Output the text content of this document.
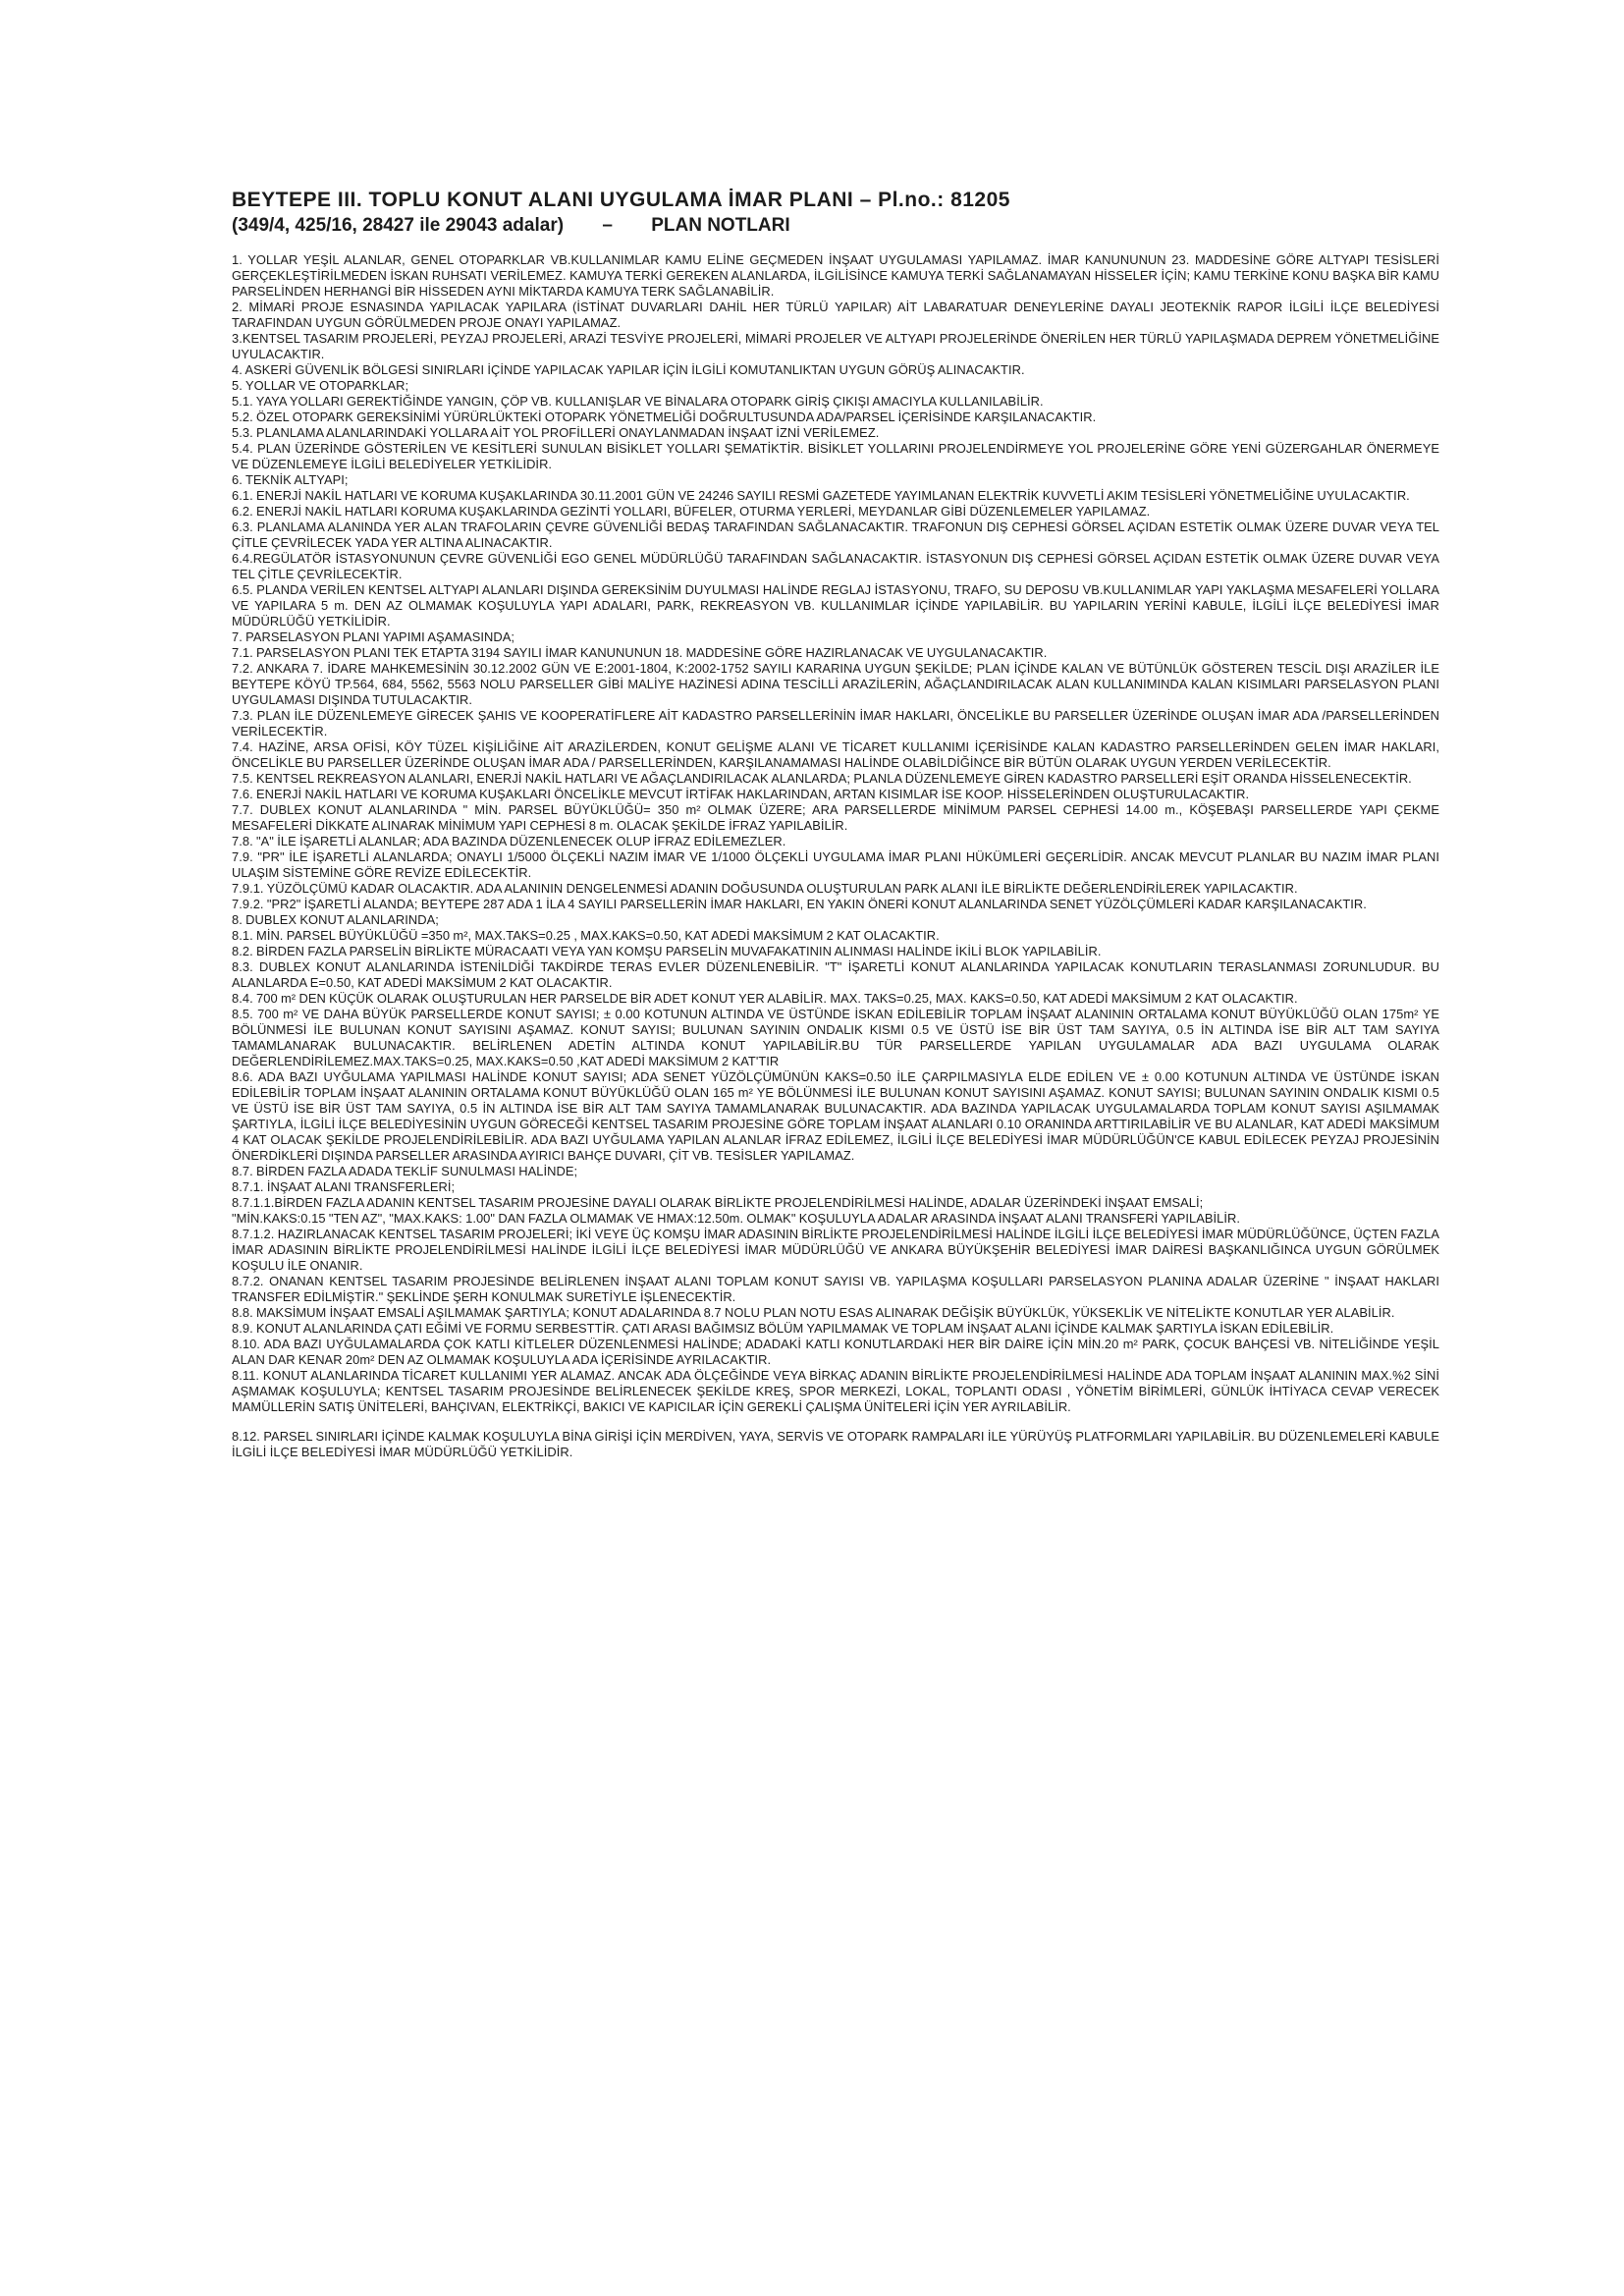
BEYTEPE III. TOPLU KONUT ALANI UYGULAMA İMAR PLANI – Pl.no.: 81205

(349/4, 425/16, 28427 ile 29043 adalar) – PLAN NOTLARI

1. YOLLAR YEŞİL ALANLAR, GENEL OTOPARKLAR VB.KULLANIMLAR KAMU ELİNE GEÇMEDEN İNŞAAT UYGULAMASI YAPILAMAZ. İMAR KANUNUNUN 23. MADDESİNE GÖRE ALTYAPI TESİSLERİ GERÇEKLEŞTİRİLMEDEN İSKAN RUHSATI VERİLEMEZ. KAMUYA TERKİ GEREKEN ALANLARDA, İLGİLİSİNCE KAMUYA TERKİ SAĞLANAMAYAN HİSSELER İÇİN; KAMU TERKİNE KONU BAŞKA BİR KAMU PARSELİNDEN HERHANGİ BİR HİSSEDEN AYNI MİKTARDA KAMUYA TERK SAĞLANABİLİR.

2. MİMARİ PROJE ESNASINDA YAPILACAK YAPILARA (İSTİNAT DUVARLARI DAHİL HER TÜRLÜ YAPILAR) AİT LABARATUAR DENEYLERİNE DAYALI JEOTEKNİK RAPOR İLGİLİ İLÇE BELEDİYESİ TARAFINDAN UYGUN GÖRÜLMEDEN PROJE ONAYI YAPILAMAZ.

3.KENTSEL TASARIM PROJELERİ, PEYZAJ PROJELERİ, ARAZİ TESVİYE PROJELERİ, MİMARİ PROJELER VE ALTYAPI PROJELERİNDE ÖNERİLEN HER TÜRLÜ YAPILAŞMADA DEPREM YÖNETMELİĞİNE UYULACAKTIR.

4. ASKERİ GÜVENLİK BÖLGESİ SINIRLARI İÇİNDE YAPILACAK YAPILAR İÇİN İLGİLİ KOMUTANLIKTAN UYGUN GÖRÜŞ ALINACAKTIR.

5. YOLLAR VE OTOPARKLAR;

5.1. YAYA YOLLARI GEREKTİĞİNDE YANGIN, ÇÖP VB. KULLANIŞLAR VE BİNALARA OTOPARK GİRİŞ ÇIKIŞI AMACIYLA KULLANILABİLİR.

5.2. ÖZEL OTOPARK GEREKSİNİMİ YÜRÜRLÜKTEKİ OTOPARK YÖNETMELİĞİ DOĞRULTUSUNDA ADA/PARSEL İÇERİSİNDE KARŞILANACAKTIR.

5.3. PLANLAMA ALANLARINDAKİ YOLLARA AİT YOL PROFİLLERİ ONAYLANMADAN İNŞAAT İZNİ VERİLEMEZ.

5.4. PLAN ÜZERİNDE GÖSTERİLEN VE KESİTLERİ SUNULAN BİSİKLET YOLLARI ŞEMATİKTİR. BİSİKLET YOLLARINI PROJELENDİRMEYE YOL PROJELERİNE GÖRE YENİ GÜZERGAHLAR ÖNERMEYE VE DÜZENLEMEYE İLGİLİ BELEDİYELER YETKİLİDİR.

6. TEKNİK ALTYAPI;

6.1. ENERJİ NAKİL HATLARI VE KORUMA KUŞAKLARINDA 30.11.2001 GÜN VE 24246 SAYILI RESMİ GAZETEDE YAYIMLANAN ELEKTRİK KUVVETLİ AKIM TESİSLERİ YÖNETMELİĞİNE UYULACAKTIR.

6.2. ENERJİ NAKİL HATLARI KORUMA KUŞAKLARINDA GEZİNTİ YOLLARI, BÜFELER, OTURMA YERLERİ, MEYDANLAR GİBİ DÜZENLEMELER YAPILAMAZ.

6.3. PLANLAMA ALANINDA YER ALAN TRAFOLARIN ÇEVRE GÜVENLİĞİ BEDAŞ TARAFINDAN SAĞLANACAKTIR. TRAFONUN DIŞ CEPHESİ GÖRSEL AÇIDAN ESTETİK OLMAK ÜZERE DUVAR VEYA TEL ÇİTLE ÇEVRİLECEK YADA YER ALTINA ALINACAKTIR.

6.4.REGÜLATÖR İSTASYONUNUN ÇEVRE GÜVENLİĞİ EGO GENEL MÜDÜRLÜĞÜ TARAFINDAN SAĞLANACAKTIR. İSTASYONUN DIŞ CEPHESİ GÖRSEL AÇIDAN ESTETİK OLMAK ÜZERE DUVAR VEYA TEL ÇİTLE ÇEVRİLECEKTİR.

6.5. PLANDA VERİLEN KENTSEL ALTYAPI ALANLARI DIŞINDA GEREKSİNİM DUYULMASI HALİNDE REGLAJ İSTASYONU, TRAFO, SU DEPOSU VB.KULLANIMLAR YAPI YAKLAŞMA MESAFELERİ YOLLARA VE YAPILARA 5 m. DEN AZ OLMAMAK KOŞULUYLA YAPI ADALARI, PARK, REKREASYON VB. KULLANIMLAR İÇİNDE YAPILABİLİR. BU YAPILARIN YERİNİ KABULE, İLGİLİ İLÇE BELEDİYESİ İMAR MÜDÜRLÜĞÜ YETKİLİDİR.

7. PARSELASYON PLANI YAPIMI AŞAMASINDA;

7.1. PARSELASYON PLANI TEK ETAPTA 3194 SAYILI İMAR KANUNUNUN 18. MADDESİNE GÖRE HAZIRLANACAK VE UYGULANACAKTIR.

7.2. ANKARA 7. İDARE MAHKEMESİNİN 30.12.2002 GÜN VE E:2001-1804, K:2002-1752 SAYILI KARARINA UYGUN ŞEKİLDE; PLAN İÇİNDE KALAN VE BÜTÜNLÜK GÖSTEREN TESCİL DIŞI ARAZİLER İLE BEYTEPE KÖYÜ TP.564, 684, 5562, 5563 NOLU PARSELLER GİBİ MALİYE HAZİNESİ ADINA TESCİLLİ ARAZİLERİN, AĞAÇLANDIRILACAK ALAN KULLANIMINDA KALAN KISIMLARI PARSELASYON PLANI UYGULAMASI DIŞINDA TUTULACAKTIR.

7.3. PLAN İLE DÜZENLEMEYE GİRECEK ŞAHIS VE KOOPERATİFLERE AİT KADASTRO PARSELLERİNİN İMAR HAKLARI, ÖNCELİKLE BU PARSELLER ÜZERİNDE OLUŞAN İMAR ADA /PARSELLERİNDEN VERİLECEKTİR.

7.4. HAZİNE, ARSA OFİSİ, KÖY TÜZEL KİŞİLİĞİNE AİT ARAZİLERDEN, KONUT GELİŞME ALANI VE TİCARET KULLANIMI İÇERİSİNDE KALAN KADASTRO PARSELLERİNDEN GELEN İMAR HAKLARI, ÖNCELİKLE BU PARSELLER ÜZERİNDE OLUŞAN İMAR ADA / PARSELLERİNDEN, KARŞILANAMAMASI HALİNDE OLABİLDİĞİNCE BİR BÜTÜN OLARAK UYGUN YERDEN VERİLECEKTİR.

7.5. KENTSEL REKREASYON ALANLARI, ENERJİ NAKİL HATLARI VE AĞAÇLANDIRILACAK ALANLARDA; PLANLA DÜZENLEMEYE GİREN KADASTRO PARSELLERİ EŞİT ORANDA HİSSELENECEKTİR.

7.6. ENERJİ NAKİL HATLARI VE KORUMA KUŞAKLARI ÖNCELİKLE MEVCUT İRTİFAK HAKLARINDAN, ARTAN KISIMLAR İSE KOOP. HİSSELERİNDEN OLUŞTURULACAKTIR.

7.7. DUBLEX KONUT ALANLARINDA " MİN. PARSEL BÜYÜKLÜĞÜ= 350 m² OLMAK ÜZERE; ARA PARSELLERDE MİNİMUM PARSEL CEPHESİ 14.00 m., KÖŞEBAŞI PARSELLERDE YAPI ÇEKME MESAFELERİ DİKKATE ALINARAK MİNİMUM YAPI CEPHESİ 8 m. OLACAK ŞEKİLDE İFRAZ YAPILABİLİR.

7.8. "A" İLE İŞARETLİ ALANLAR; ADA BAZINDA DÜZENLENECEK OLUP İFRAZ EDİLEMEZLER.

7.9. "PR" İLE İŞARETLİ ALANLARDA; ONAYLI 1/5000 ÖLÇEKLİ NAZIM İMAR VE 1/1000 ÖLÇEKLİ UYGULAMA İMAR PLANI HÜKÜMLERİ GEÇERLİDİR. ANCAK MEVCUT PLANLAR BU NAZIM İMAR PLANI ULAŞIM SİSTEMİNE GÖRE REVİZE EDİLECEKTİR.

7.9.1. YÜZÖLÇÜMÜ KADAR OLACAKTIR. ADA ALANININ DENGELENMESİ ADANIN DOĞUSUNDA OLUŞTURULAN PARK ALANI İLE BİRLİKTE DEĞERLENDİRİLEREK YAPILACAKTIR.

7.9.2. "PR2" İŞARETLİ ALANDA; BEYTEPE 287 ADA 1 İLA 4 SAYILI PARSELLERİN İMAR HAKLARI, EN YAKIN ÖNERİ KONUT ALANLARINDA SENET YÜZÖLÇÜMLERİ KADAR KARŞILANACAKTIR.

8. DUBLEX KONUT ALANLARINDA;

8.1. MİN. PARSEL BÜYÜKLÜĞÜ =350 m², MAX.TAKS=0.25 , MAX.KAKS=0.50, KAT ADEDİ MAKSİMUM 2 KAT OLACAKTIR.

8.2. BİRDEN FAZLA PARSELİN BİRLİKTE MÜRACAATI VEYA YAN KOMŞU PARSELİN MUVAFAKATININ ALINMASI HALİNDE İKİLİ BLOK YAPILABİLİR.

8.3. DUBLEX KONUT ALANLARINDA İSTENİLDİĞİ TAKDİRDE TERAS EVLER DÜZENLENEBİLİR. "T" İŞARETLİ KONUT ALANLARINDA YAPILACAK KONUTLARIN TERASLANMASI ZORUNLUDUR. BU ALANLARDA E=0.50, KAT ADEDİ MAKSİMUM 2 KAT OLACAKTIR.

8.4. 700 m² DEN KÜÇÜK OLARAK OLUŞTURULAN HER PARSELDE BİR ADET KONUT YER ALABİLİR. MAX. TAKS=0.25, MAX. KAKS=0.50, KAT ADEDİ MAKSİMUM 2 KAT OLACAKTIR.

8.5. 700 m² VE DAHA BÜYÜK PARSELLERDE KONUT SAYISI; ± 0.00 KOTUNUN ALTINDA VE ÜSTÜNDE İSKAN EDİLEBİLİR TOPLAM İNŞAAT ALANININ ORTALAMA KONUT BÜYÜKLÜĞÜ OLAN 175m² YE BÖLÜNMESİ İLE BULUNAN KONUT SAYISINI AŞAMAZ. KONUT SAYISI; BULUNAN SAYININ ONDALIK KISMI 0.5 VE ÜSTÜ İSE BİR ÜST TAM SAYIYA, 0.5 İN ALTINDA İSE BİR ALT TAM SAYIYA TAMAMLANARAK BULUNACAKTIR. BELİRLENEN ADETİN ALTINDA KONUT YAPILABİLİR.BU TÜR PARSELLERDE YAPILAN UYGULAMALAR ADA BAZI UYGULAMA OLARAK DEĞERLENDİRİLEMEZ.MAX.TAKS=0.25, MAX.KAKS=0.50 ,KAT ADEDİ MAKSİMUM 2 KAT'TIR

8.6. ADA BAZI UYĞULAMA YAPILMASI HALİNDE KONUT SAYISI; ADA SENET YÜZÖLÇÜMÜNÜN KAKS=0.50 İLE ÇARPILMASIYLA ELDE EDİLEN VE ± 0.00 KOTUNUN ALTINDA VE ÜSTÜNDE İSKAN EDİLEBİLİR TOPLAM İNŞAAT ALANININ ORTALAMA KONUT BÜYÜKLÜĞÜ OLAN 165 m² YE BÖLÜNMESİ İLE BULUNAN KONUT SAYISINI AŞAMAZ. KONUT SAYISI; BULUNAN SAYININ ONDALIK KISMI 0.5 VE ÜSTÜ İSE BİR ÜST TAM SAYIYA, 0.5 İN ALTINDA İSE BİR ALT TAM SAYIYA TAMAMLANARAK BULUNACAKTIR. ADA BAZINDA YAPILACAK UYGULAMALARDA TOPLAM KONUT SAYISI AŞILMAMAK ŞARTIYLA, İLGİLİ İLÇE BELEDİYESİNİN UYGUN GÖRECEĞİ KENTSEL TASARIM PROJESİNE GÖRE TOPLAM İNŞAAT ALANLARI 0.10 ORANINDA ARTTIRILABİLİR VE BU ALANLAR, KAT ADEDİ MAKSİMUM 4 KAT OLACAK ŞEKİLDE PROJELENDİRİLEBİLİR. ADA BAZI UYĞULAMA YAPILAN ALANLAR İFRAZ EDİLEMEZ, İLGİLİ İLÇE BELEDİYESİ İMAR MÜDÜRLÜĞÜN'CE KABUL EDİLECEK PEYZAJ PROJESİNİN ÖNERDİKLERİ DIŞINDA PARSELLER ARASINDA AYIRICI BAHÇE DUVARI, ÇİT VB. TESİSLER YAPILAMAZ.

8.7. BİRDEN FAZLA ADADA TEKLİF SUNULMASI HALİNDE;

8.7.1. İNŞAAT ALANI TRANSFERLERİ;

8.7.1.1.BİRDEN FAZLA ADANIN KENTSEL TASARIM PROJESİNE DAYALI OLARAK BİRLİKTE PROJELENDİRİLMESİ HALİNDE, ADALAR ÜZERİNDEKİ İNŞAAT EMSALİ;

"MİN.KAKS:0.15 "TEN AZ", "MAX.KAKS: 1.00" DAN FAZLA OLMAMAK VE HMAX:12.50m. OLMAK" KOŞULUYLA ADALAR ARASINDA İNŞAAT ALANI TRANSFERİ YAPILABİLİR.

8.7.1.2. HAZIRLANACAK KENTSEL TASARIM PROJELERİ; İKİ VEYE ÜÇ KOMŞU İMAR ADASININ BİRLİKTE PROJELENDİRİLMESİ HALİNDE İLGİLİ İLÇE BELEDİYESİ İMAR MÜDÜRLÜĞÜNCE, ÜÇTEN FAZLA İMAR ADASININ BİRLİKTE PROJELENDİRİLMESİ HALİNDE İLGİLİ İLÇE BELEDİYESİ İMAR MÜDÜRLÜĞÜ VE ANKARA BÜYÜKŞEHİR BELEDİYESİ İMAR DAİRESİ BAŞKANLIĞINCA UYGUN GÖRÜLMEK KOŞULU İLE ONANIR.

8.7.2. ONANAN KENTSEL TASARIM PROJESİNDE BELİRLENEN İNŞAAT ALANI TOPLAM KONUT SAYISI VB. YAPILAŞMA KOŞULLARI PARSELASYON PLANINA ADALAR ÜZERİNE " İNŞAAT HAKLARI TRANSFER EDİLMİŞTİR." ŞEKLİNDE ŞERH KONULMAK SURETİYLE İŞLENECEKTİR.

8.8. MAKSİMUM İNŞAAT EMSALİ AŞILMAMAK ŞARTIYLA; KONUT ADALARINDA 8.7 NOLU PLAN NOTU ESAS ALINARAK DEĞİŞİK BÜYÜKLÜK, YÜKSEKLİK VE NİTELİKTE KONUTLAR YER ALABİLİR.

8.9. KONUT ALANLARINDA ÇATI EĞİMİ VE FORMU SERBESTTİR. ÇATI ARASI BAĞIMSIZ BÖLÜM YAPILMAMAK VE TOPLAM İNŞAAT ALANI İÇİNDE KALMAK ŞARTIYLA İSKAN EDİLEBİLİR.

8.10. ADA BAZI UYĞULAMALARDA ÇOK KATLI KİTLELER DÜZENLENMESİ HALİNDE; ADADAKİ KATLI KONUTLARDAKİ HER BİR DAİRE İÇİN MİN.20 m² PARK, ÇOCUK BAHÇESİ VB. NİTELİĞİNDE YEŞİL ALAN DAR KENAR 20m² DEN AZ OLMAMAK KOŞULUYLA ADA İÇERİSİNDE AYRILACAKTIR.

8.11. KONUT ALANLARINDA TİCARET KULLANIMI YER ALAMAZ. ANCAK ADA ÖLÇEĞİNDE VEYA BİRKAÇ ADANIN BİRLİKTE PROJELENDİRİLMESİ HALİNDE ADA TOPLAM İNŞAAT ALANININ MAX.%2 SİNİ AŞMAMAK KOŞULUYLA; KENTSEL TASARIM PROJESİNDE BELİRLENECEK ŞEKİLDE KREŞ, SPOR MERKEZİ, LOKAL, TOPLANTI ODASI , YÖNETİM BİRİMLERİ, GÜNLÜK İHTİYACA CEVAP VERECEK MAMÜLLERİN SATIŞ ÜNİTELERİ, BAHÇIVAN, ELEKTRİKÇİ, BAKICI VE KAPICILAR İÇİN GEREKLİ ÇALIŞMA ÜNİTELERİ İÇİN YER AYRILABİLİR.

8.12. PARSEL SINIRLARI İÇİNDE KALMAK KOŞULUYLA BİNA GİRİŞİ İÇİN MERDİVEN, YAYA, SERVİS VE OTOPARK RAMPALARI İLE YÜRÜYÜŞ PLATFORMLARI YAPILABİLİR. BU DÜZENLEMELERİ KABULE İLGİLİ İLÇE BELEDİYESİ İMAR MÜDÜRLÜĞÜ YETKİLİDİR.
